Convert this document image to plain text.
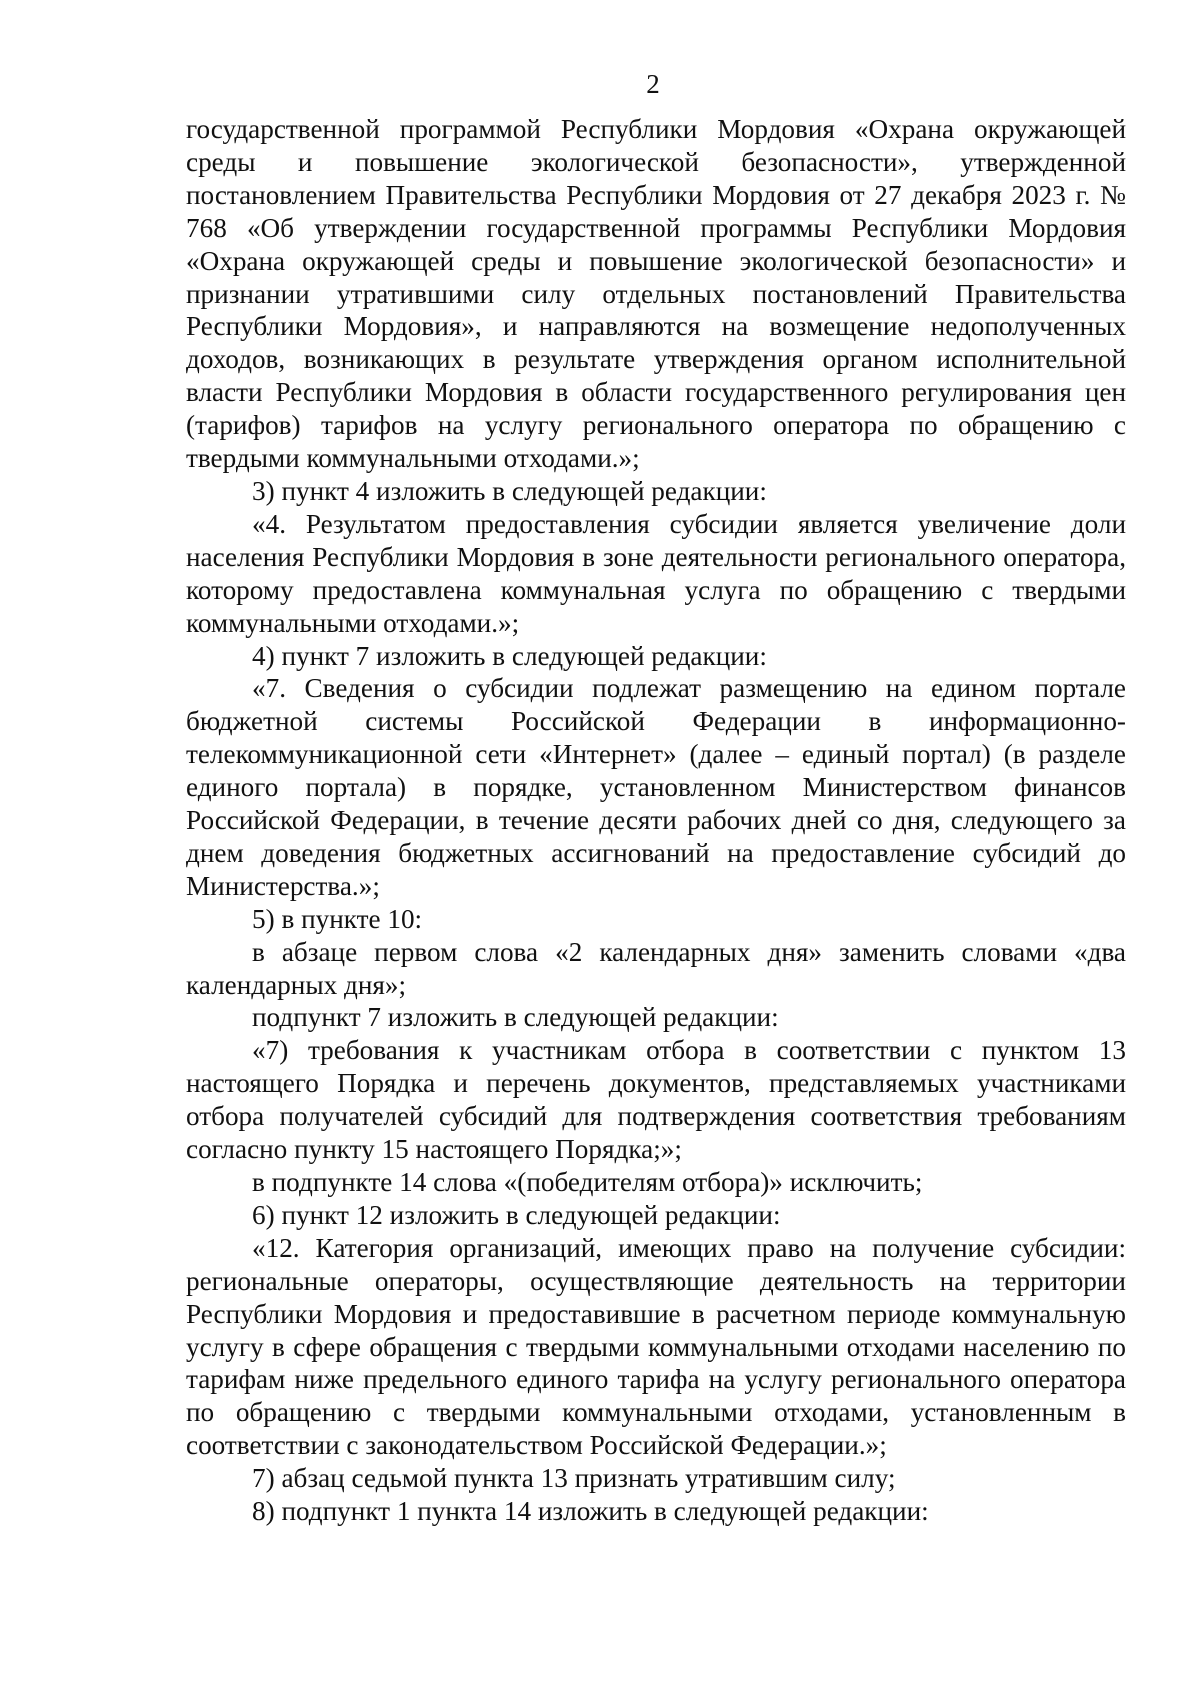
2

государственной программой Республики Мордовия «Охрана окружающей среды и повышение экологической безопасности», утвержденной постановлением Правительства Республики Мордовия от 27 декабря 2023 г. № 768 «Об утверждении государственной программы Республики Мордовия «Охрана окружающей среды и повышение экологической безопасности» и признании утратившими силу отдельных постановлений Правительства Республики Мордовия», и направляются на возмещение недополученных доходов, возникающих в результате утверждения органом исполнительной власти Республики Мордовия в области государственного регулирования цен (тарифов) тарифов на услугу регионального оператора по обращению с твердыми коммунальными отходами.»;

3) пункт 4 изложить в следующей редакции:

«4. Результатом предоставления субсидии является увеличение доли населения Республики Мордовия в зоне деятельности регионального оператора, которому предоставлена коммунальная услуга по обращению с твердыми коммунальными отходами.»;

4) пункт 7 изложить в следующей редакции:

«7. Сведения о субсидии подлежат размещению на едином портале бюджетной системы Российской Федерации в информационно-телекоммуникационной сети «Интернет» (далее – единый портал) (в разделе единого портала) в порядке, установленном Министерством финансов Российской Федерации, в течение десяти рабочих дней со дня, следующего за днем доведения бюджетных ассигнований на предоставление субсидий до Министерства.»;

5) в пункте 10:

в абзаце первом слова «2 календарных дня» заменить словами «два календарных дня»;

подпункт 7 изложить в следующей редакции:

«7) требования к участникам отбора в соответствии с пунктом 13 настоящего Порядка и перечень документов, представляемых участниками отбора получателей субсидий для подтверждения соответствия требованиям согласно пункту 15 настоящего Порядка;»;

в подпункте 14 слова «(победителям отбора)» исключить;

6) пункт 12 изложить в следующей редакции:

«12. Категория организаций, имеющих право на получение субсидии: региональные операторы, осуществляющие деятельность на территории Республики Мордовия и предоставившие в расчетном периоде коммунальную услугу в сфере обращения с твердыми коммунальными отходами населению по тарифам ниже предельного единого тарифа на услугу регионального оператора по обращению с твердыми коммунальными отходами, установленным в соответствии с законодательством Российской Федерации.»;

7) абзац седьмой пункта 13 признать утратившим силу;

8) подпункт 1 пункта 14 изложить в следующей редакции:
